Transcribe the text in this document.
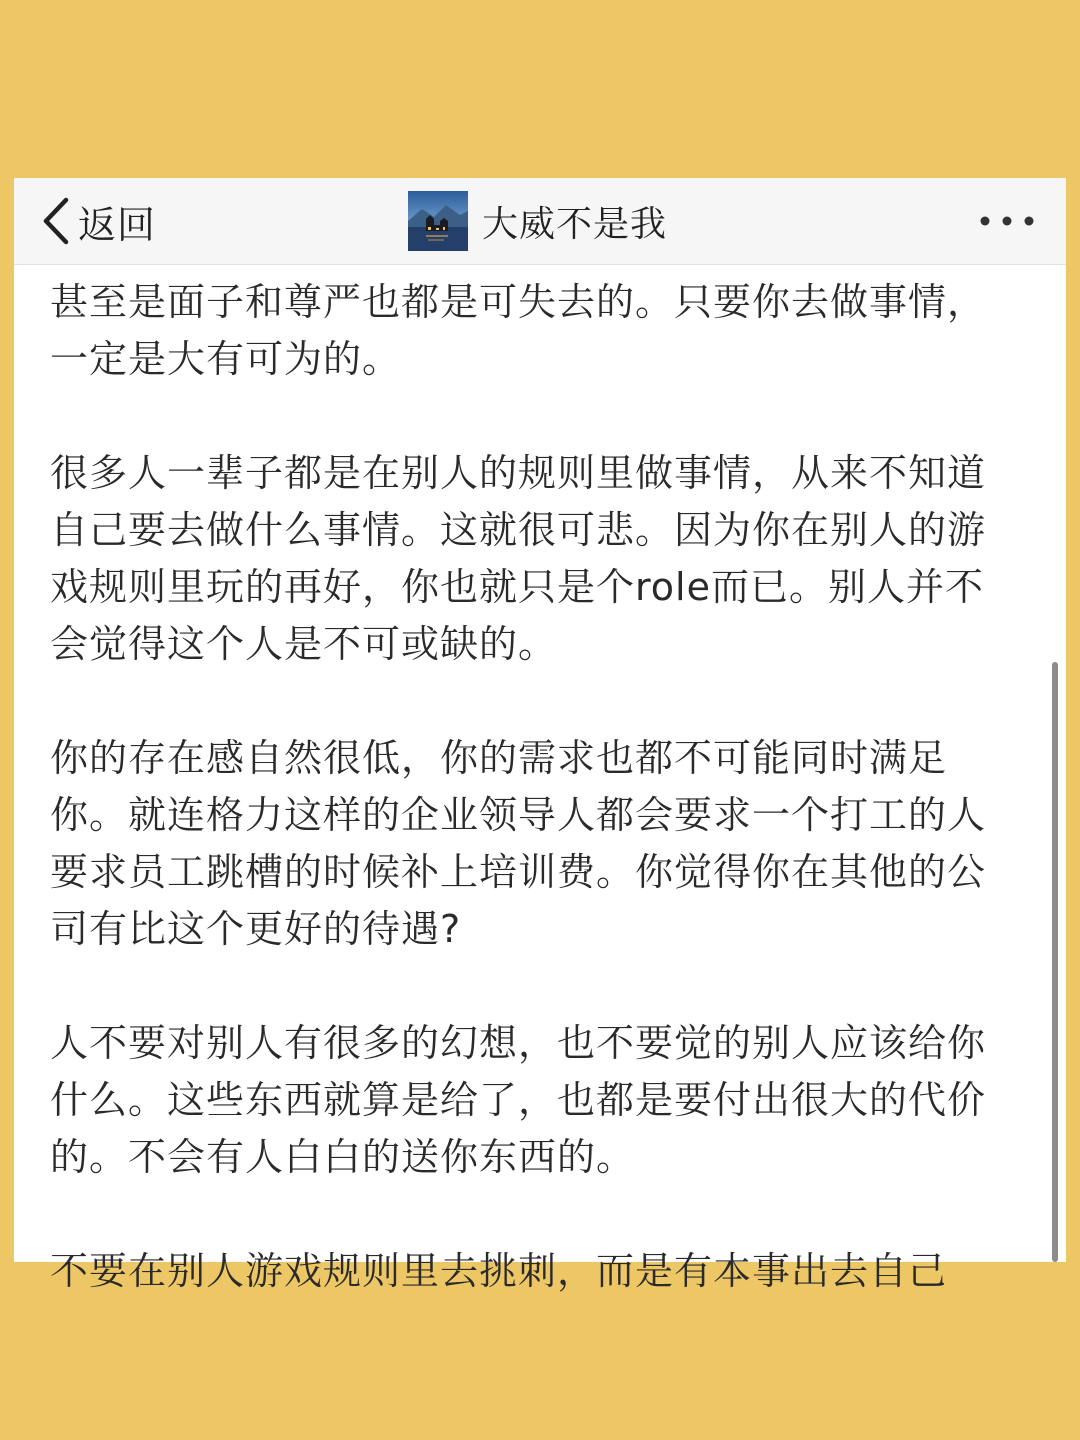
返回	大威不是我

甚至是面子和尊严也都是可失去的。只要你去做事情，一定是大有可为的。

很多人一辈子都是在别人的规则里做事情，从来不知道自己要去做什么事情。这就很可悲。因为你在别人的游戏规则里玩的再好，你也就只是个role而已。别人并不会觉得这个人是不可或缺的。

你的存在感自然很低，你的需求也都不可能同时满足你。就连格力这样的企业领导人都会要求一个打工的人要求员工跳槽的时候补上培训费。你觉得你在其他的公司有比这个更好的待遇?

人不要对别人有很多的幻想，也不要觉的别人应该给你什么。这些东西就算是给了，也都是要付出很大的代价的。不会有人白白的送你东西的。

不要在别人游戏规则里去挑刺，而是有本事出去自己
